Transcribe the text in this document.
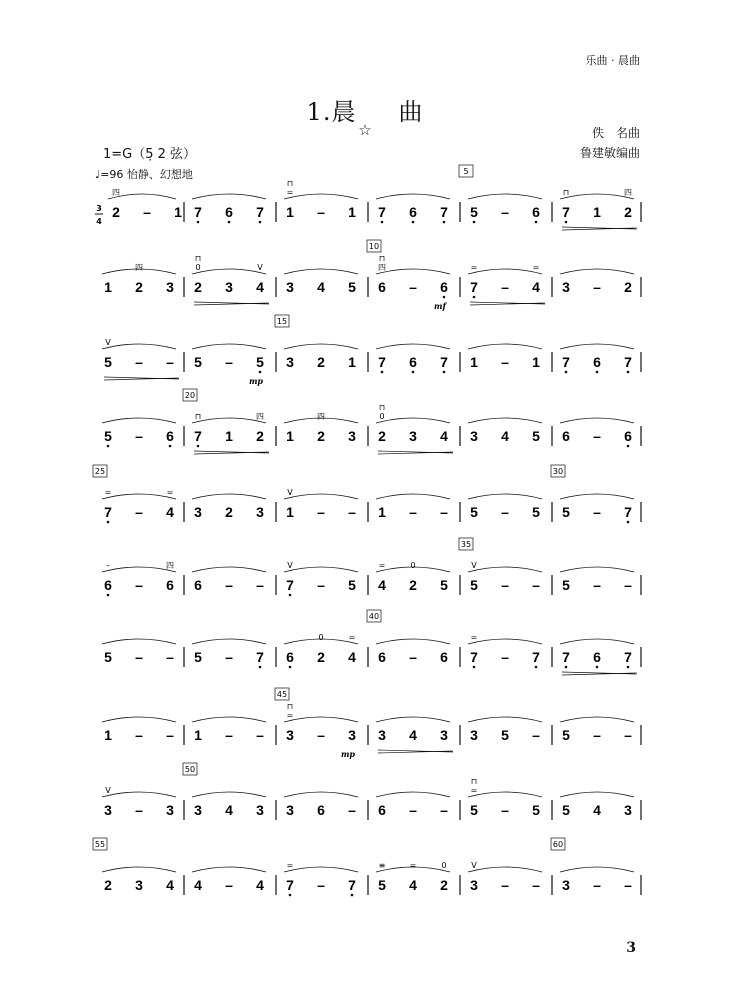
乐曲 · 晨曲
1.晨 曲
☆
1=G（5̣ 2 弦）
♩=96 怡静、幻想地
佚　名曲
鲁建敏编曲
3
4
2
四
– 1 7 6 7 1
⊓
=
– 1 7 6 7 5 – 6
5
7
⊓
1 2
四
1 2
四
3 2
⊓
0
3 4
V
3 4 5 6
⊓
四
– 6
10
mf
7
=
– 4
=
3 – 2
5
V
– – 5 – 5
mp
3 2 1
15
7 6 7 1 – 1 7 6 7
5 – 6 7
⊓
1 2
四
20
1 2
四
3 2
⊓
0
3 4 3 4 5 6 – 6
7
=
– 4
=
25
3 2 3 1
V
– – 1 – – 5 – 5 5 – 7
30
6
–
– 6
四
6 – – 7
V
– 5 4
=
2
0
5 5
V
– –
35
5 – –
5 – – 5 – 7 6 2
0
4
=
6 – 6
40
7
=
– 7 7 6 7
1 – – 1 – – 3
⊓
=
– 3
45
mp
3 4 3 3 5 – 5 – –
3
V
– 3 3 4 3
50
3 6 – 6 – – 5
⊓
=
– 5 5 4 3
2 3 4
55
4 – 4 7
=
– 7 5
≡
4
=
2
0
3
V
– – 3 – –
60
3
